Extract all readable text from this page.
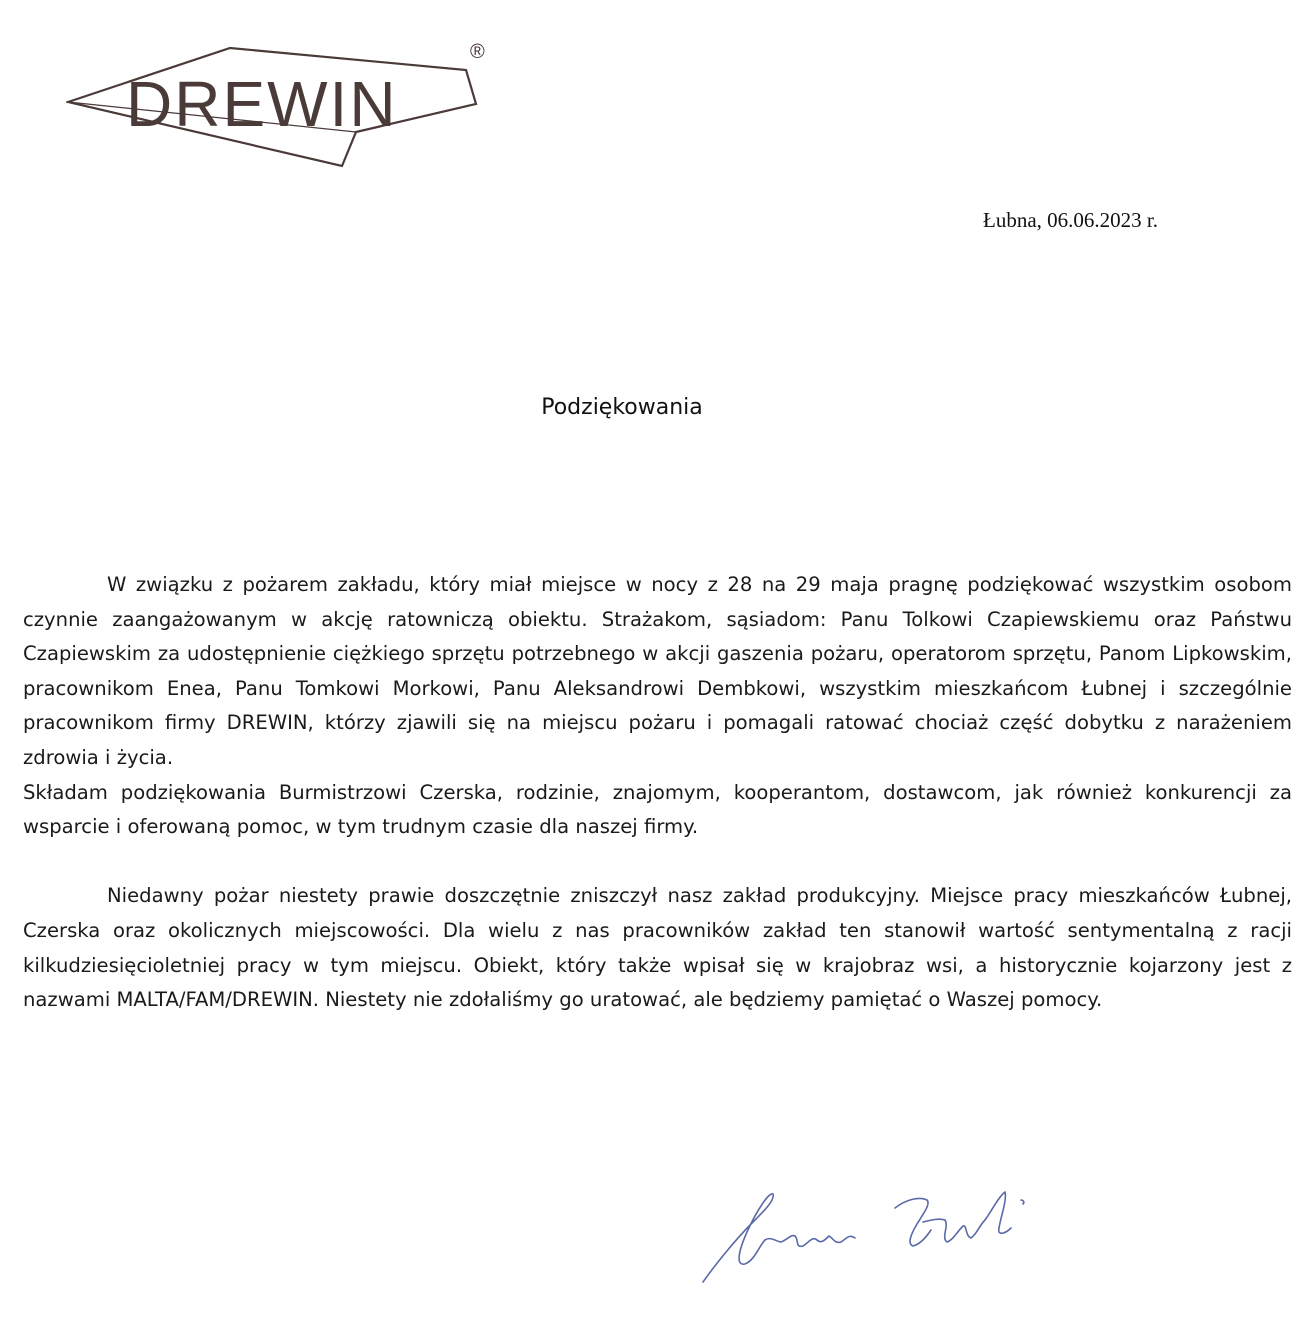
DREWIN
®
Łubna, 06.06.2023 r.
Podziękowania

W związku z pożarem zakładu, który miał miejsce w nocy z 28 na 29 maja pragnę podziękować wszystkim osobom czynnie zaangażowanym w akcję ratowniczą obiektu. Strażakom, sąsiadom: Panu Tolkowi Czapiewskiemu oraz Państwu Czapiewskim za udostępnienie ciężkiego sprzętu potrzebnego w akcji gaszenia pożaru, operatorom sprzętu, Panom Lipkowskim, pracownikom Enea, Panu Tomkowi Morkowi, Panu Aleksandrowi Dembkowi, wszystkim mieszkańcom Łubnej i szczególnie pracownikom firmy DREWIN, którzy zjawili się na miejscu pożaru i pomagali ratować chociaż część dobytku z narażeniem zdrowia i życia.

Składam podziękowania Burmistrzowi Czerska, rodzinie, znajomym, kooperantom, dostawcom, jak również konkurencji za wsparcie i oferowaną pomoc, w tym trudnym czasie dla naszej firmy.

Niedawny pożar niestety prawie doszczętnie zniszczył nasz zakład produkcyjny. Miejsce pracy mieszkańców Łubnej, Czerska oraz okolicznych miejscowości. Dla wielu z nas pracowników zakład ten stanowił wartość sentymentalną z racji kilkudziesięcioletniej pracy w tym miejscu. Obiekt, który także wpisał się w krajobraz wsi, a historycznie kojarzony jest z nazwami MALTA/FAM/DREWIN. Niestety nie zdołaliśmy go uratować, ale będziemy pamiętać o Waszej pomocy.
